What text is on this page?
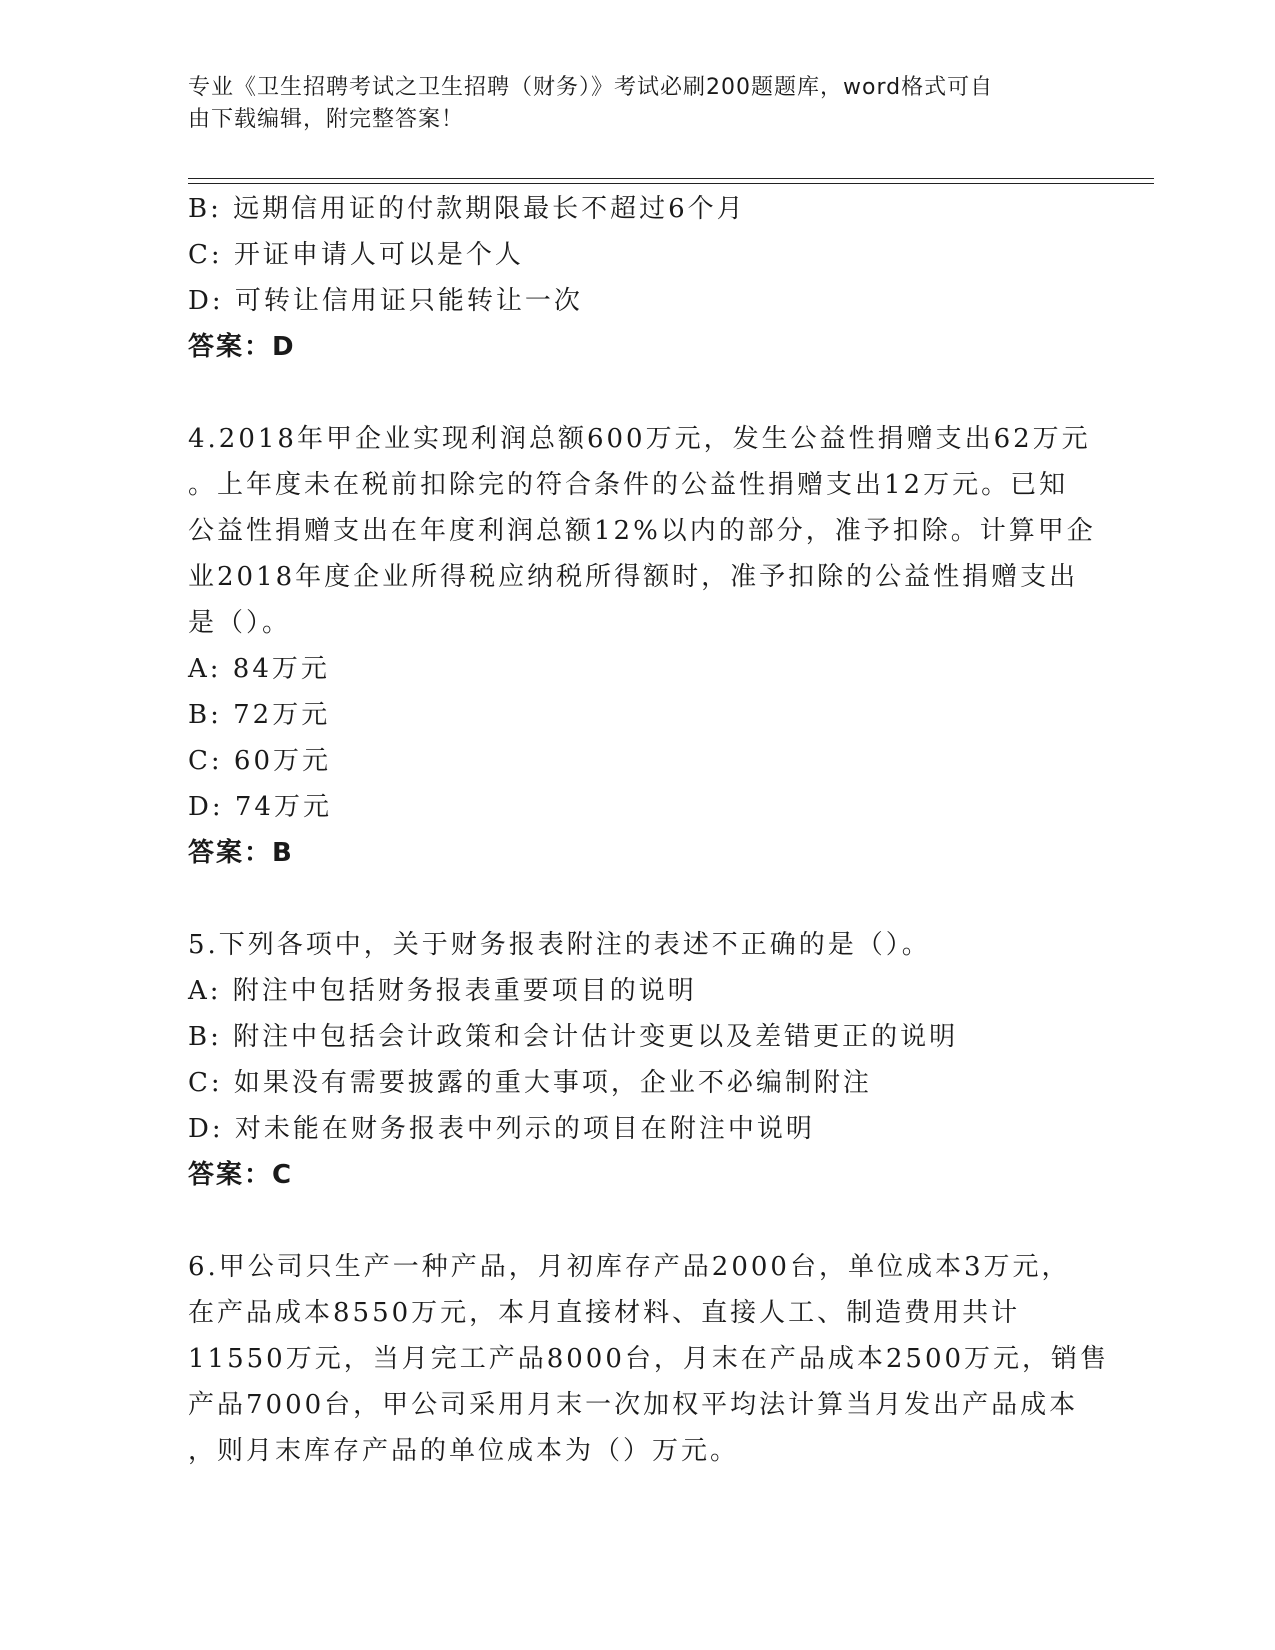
专业《卫生招聘考试之卫生招聘（财务）》考试必刷200题题库，word格式可自
由下载编辑，附完整答案！
B: 远期信用证的付款期限最长不超过6个月
C: 开证申请人可以是个人
D: 可转让信用证只能转让一次
答案：D
4.2018年甲企业实现利润总额600万元，发生公益性捐赠支出62万元
。上年度未在税前扣除完的符合条件的公益性捐赠支出12万元。已知
公益性捐赠支出在年度利润总额12%以内的部分，准予扣除。计算甲企
业2018年度企业所得税应纳税所得额时，准予扣除的公益性捐赠支出
是（）。
A: 84万元
B: 72万元
C: 60万元
D: 74万元
答案：B
5.下列各项中，关于财务报表附注的表述不正确的是（）。
A: 附注中包括财务报表重要项目的说明
B: 附注中包括会计政策和会计估计变更以及差错更正的说明
C: 如果没有需要披露的重大事项，企业不必编制附注
D: 对未能在财务报表中列示的项目在附注中说明
答案：C
6.甲公司只生产一种产品，月初库存产品2000台，单位成本3万元，
在产品成本8550万元，本月直接材料、直接人工、制造费用共计
11550万元，当月完工产品8000台，月末在产品成本2500万元，销售
产品7000台，甲公司采用月末一次加权平均法计算当月发出产品成本
，则月末库存产品的单位成本为（）万元。
